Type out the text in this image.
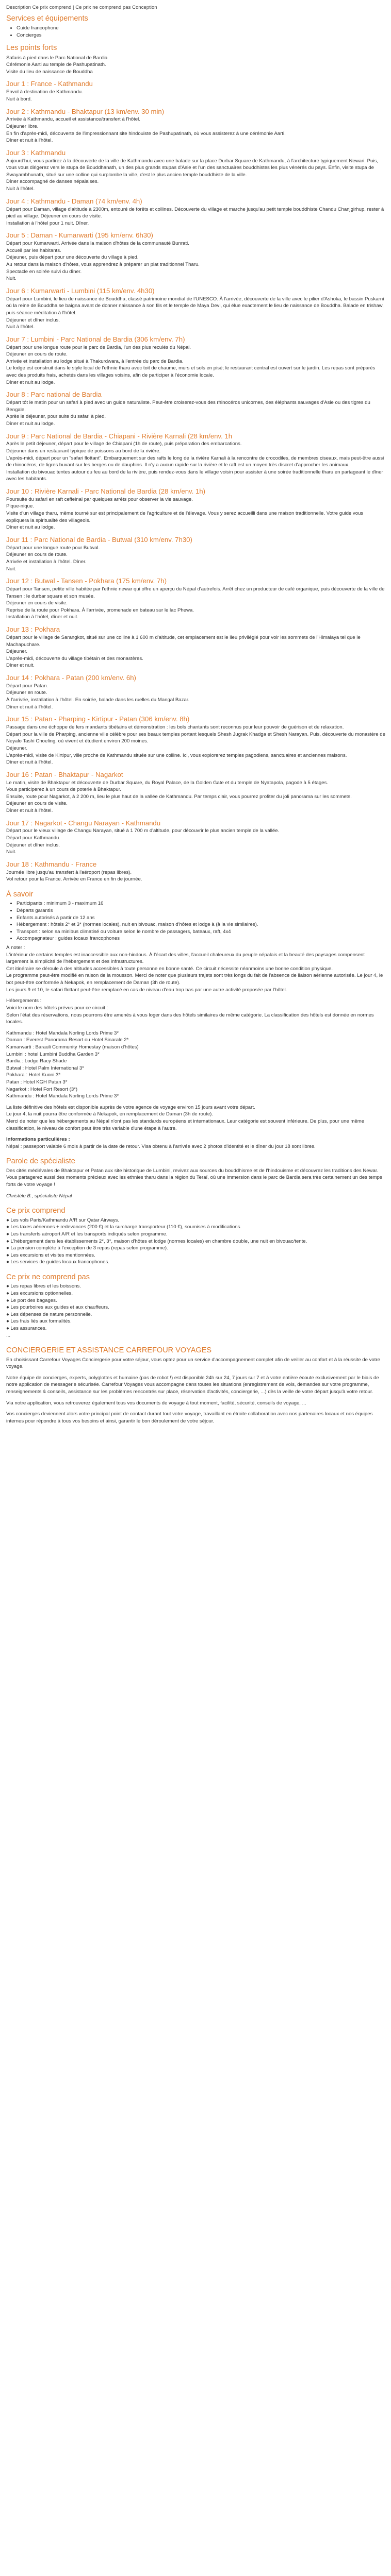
Description Ce prix comprend | Ce prix ne comprend pas Conception
Services et équipements
• Guide francophone
• Concierges
Les points forts

Safaris à pied dans le Parc National de Bardia

Cérémonie Aarti au temple de Pashupatinath.

Visite du lieu de naissance de Bouddha

Jour 1 : France - Kathmandu

Envol à destination de Kathmandu.

Nuit à bord.

Jour 2 : Kathmandu - Bhaktapur (13 km/env. 30 min)

Arrivée à Kathmandu, accueil et assistance/transfert à l'hôtel.

Déjeuner libre.

En fin d'après-midi, découverte de l'impressionnant site hindouiste de Pashupatinath, où vous assisterez à une cérémonie Aarti.

Dîner et nuit à l'hôtel.

Jour 3 : Kathmandu

Aujourd'hui, vous partirez à la découverte de la ville de Kathmandu avec une balade sur la place Durbar Square de Kathmandu, à l'architecture typiquement Newari. Puis, vous vous dirigerez vers le stupa de Bouddhanath, un des plus grands stupas d'Asie et l'un des sanctuaires bouddhistes les plus vénérés du pays. Enfin, visite stupa de Swayambhunath, situé sur une colline qui surplombe la ville, c'est le plus ancien temple bouddhiste de la ville.

Dîner accompagné de danses népalaises.

Nuit à l'hôtel.

Jour 4 : Kathmandu - Daman (74 km/env. 4h)

Départ pour Daman, village d'altitude à 2300m, entouré de forêts et collines. Découverte du village et marche jusqu'au petit temple bouddhiste Chandu Chanjgirhup, rester à pied au village. Déjeuner en cours de visite.

Installation à l'hôtel pour 1 nuit. Dîner.

Jour 5 : Daman - Kumarwarti (195 km/env. 6h30)

Départ pour Kumarwarti. Arrivée dans la maison d'hôtes de la communauté Bunrati.

Accueil par les habitants.

Déjeuner, puis départ pour une découverte du village à pied.

Au retour dans la maison d'hôtes, vous apprendrez à préparer un plat traditionnel Tharu.

Spectacle en soirée suivi du dîner.

Nuit.

Jour 6 : Kumarwarti - Lumbini (115 km/env. 4h30)

Départ pour Lumbini, le lieu de naissance de Bouddha, classé patrimoine mondial de l'UNESCO. À l'arrivée, découverte de la ville avec le pilier d'Ashoka, le bassin Puskarni où la reine de Bouddha se baigna avant de donner naissance à son fils et le temple de Maya Devi, qui élue exactement le lieu de naissance de Bouddha. Balade en trishaw, puis séance méditation à l'hôtel.

Déjeuner et dîner inclus.

Nuit à l'hôtel.

Jour 7 : Lumbini - Parc National de Bardia (306 km/env. 7h)

Départ pour une longue route pour le parc de Bardia, l'un des plus reculés du Népal.

Déjeuner en cours de route.

Arrivée et installation au lodge situé à Thakurdwara, à l'entrée du parc de Bardia.

Le lodge est construit dans le style local de l'ethnie tharu avec toit de chaume, murs et sols en pisé; le restaurant central est ouvert sur le jardin. Les repas sont préparés avec des produits frais, achetés dans les villages voisins, afin de participer à l'économie locale.

Dîner et nuit au lodge.

Jour 8 : Parc national de Bardia

Départ tôt le matin pour un safari à pied avec un guide naturaliste. Peut-être croiserez-vous des rhinocéros unicornes, des éléphants sauvages d'Asie ou des tigres du Bengale.

Après le déjeuner, pour suite du safari à pied.

Dîner et nuit au lodge.

Jour 9 : Parc National de Bardia - Chiapani - Rivière Karnali (28 km/env. 1h

Après le petit déjeuner, départ pour le village de Chiapani (1h de route), puis préparation des embarcations.

Déjeuner dans un restaurant typique de poissons au bord de la rivière.

L'après-midi, départ pour un "safari flottant". Embarquement sur des rafts le long de la rivière Karnali à la rencontre de crocodiles, de membres ciseaux, mais peut-être aussi de rhinocéros, de tigres buvant sur les berges ou de dauphins. Il n'y a aucun rapide sur la rivière et le raft est un moyen très discret d'approcher les animaux.

Installation du bivouac tentes autour du feu au bord de la rivière, puis rendez-vous dans le village voisin pour assister à une soirée traditionnelle tharu en partageant le dîner avec les habitants.

Jour 10 : Rivière Karnali - Parc National de Bardia (28 km/env. 1h)

Poursuite du safari en raft ceffeinal par quelques arrêts pour observer la vie sauvage.

Pique-nique.

Visite d'un village tharu, même tourné sur est principalement de l'agriculture et de l'élevage. Vous y serez accueilli dans une maison traditionnelle. Votre guide vous expliquera la spiritualité des villageois.

Dîner et nuit au lodge.

Jour 11 : Parc National de Bardia - Butwal (310 km/env. 7h30)

Départ pour une longue route pour Butwal.

Déjeuner en cours de route.

Arrivée et installation à l'hôtel. Dîner.

Nuit.

Jour 12 : Butwal - Tansen - Pokhara (175 km/env. 7h)

Départ pour Tansen, petite ville habitée par l'ethnie newar qui offre un aperçu du Népal d'autrefois. Arrêt chez un producteur de café organique, puis découverte de la ville de Tansen : le durbar square et son musée.

Déjeuner en cours de visite.

Reprise de la route pour Pokhara. À l'arrivée, promenade en bateau sur le lac Phewa.

Installation à l'hôtel, dîner et nuit.

Jour 13 : Pokhara

Départ pour le village de Sarangkot, situé sur une colline à 1 600 m d'altitude, cet emplacement est le lieu privilégié pour voir les sommets de l'Himalaya tel que le Machapuchare.

Déjeuner.

L'après-midi, découverte du village tibétain et des monastères.

Dîner et nuit.

Jour 14 : Pokhara - Patan (200 km/env. 6h)

Départ pour Patan.

Déjeuner en route.

À l'arrivée, installation à l'hôtel. En soirée, balade dans les ruelles du Mangal Bazar.

Dîner et nuit à l'hôtel.

Jour 15 : Patan - Pharping - Kirtipur - Patan (306 km/env. 8h)

Passage dans une échoppe de fers mandants tibétains et démonstration : les bols chantants sont reconnus pour leur pouvoir de guérison et de relaxation.

Départ pour la ville de Pharping, ancienne ville célèbre pour ses beaux temples portant lesquels Shesh Jugrak Khadga et Shesh Narayan. Puis, découverte du monastère de Neyalo Tashi Choeling, où vivent et étudient environ 200 moines.

Déjeuner.

L'après-midi, visite de Kirtipur, ville proche de Kathmandu située sur une colline. Ici, vous explorerez temples pagodiens, sanctuaires et anciennes maisons.

Dîner et nuit à l'hôtel.

Jour 16 : Patan - Bhaktapur - Nagarkot

Le matin, visite de Bhaktapur et découverte de Durbar Square, du Royal Palace, de la Golden Gate et du temple de Nyatapola, pagode à 5 étages.

Vous participerez à un cours de poterie à Bhaktapur.

Ensuite, route pour Nagarkot, à 2 200 m, lieu le plus haut de la vallée de Kathmandu. Par temps clair, vous pourrez profiter du joli panorama sur les sommets.

Déjeuner en cours de visite.

Dîner et nuit à l'hôtel.

Jour 17 : Nagarkot - Changu Narayan - Kathmandu

Départ pour le vieux village de Changu Narayan, situé à 1 700 m d'altitude, pour découvrir le plus ancien temple de la vallée.

Départ pour Kathmandu.

Déjeuner et dîner inclus.

Nuit.

Jour 18 : Kathmandu - France

Journée libre jusqu'au transfert à l'aéroport (repas libres).

Vol retour pour la France. Arrivée en France en fin de journée.

À savoir
• Participants : minimum 3 - maximum 16
• Départs garantis
• Enfants autorisés à partir de 12 ans
• Hébergement : hôtels 2* et 3* (normes locales), nuit en bivouac, maison d'hôtes et lodge à (à la vie similaires).
• Transport : selon sa minibus climatisé ou voiture selon le nombre de passagers, bateaux, raft, 4x4
• Accompagnateur : guides locaux francophones

À noter :

L'intérieur de certains temples est inaccessible aux non-hindous. À l'écart des villes, l'accueil chaleureux du peuple népalais et la beauté des paysages compensent largement la simplicité de l'hébergement et des infrastructures.

Cet itinéraire se déroule à des altitudes accessibles à toute personne en bonne santé. Ce circuit nécessite néanmoins une bonne condition physique.

Le programme peut-être modifié en raison de la mousson. Merci de noter que plusieurs trajets sont très longs du fait de l'absence de liaison aérienne autorisée. Le jour 4, le bot peut-être conformée à Nekapok, en remplacement de Daman (3h de route).

Les jours 9 et 10, le safari flottant peut-être remplacé en cas de niveau d'eau trop bas par une autre activité proposée par l'hôtel.

Hébergements :

Voici le nom des hôtels prévus pour ce circuit :

Selon l'état des réservations, nous pourrons être amenés à vous loger dans des hôtels similaires de même catégorie. La classification des hôtels est donnée en normes locales.

Kathmandu : Hotel Mandala Norling Lords Prime 3*

Daman : Everest Panorama Resort ou Hotel Sinarale 2*

Kumarwarti : Barauli Community Homestay (maison d'hôtes)

Lumbini : hotel Lumbini Buddha Garden 3*

Bardia : Lodge Racy Shade

Butwal : Hotel Palm International 3*

Pokhara : Hotel Kuoni 3*

Patan : Hotel KGH Patan 3*

Nagarkot : Hotel Fort Resort (3*)

Kathmandu : Hotel Mandala Norling Lords Prime 3*

La liste définitive des hôtels est disponible auprès de votre agence de voyage environ 15 jours avant votre départ.

Le jour 4, la nuit pourra être conformée à Nekapok, en remplacement de Daman (3h de route).

Merci de noter que les hébergements au Népal n'ont pas les standards européens et internationaux. Leur catégorie est souvent inférieure. De plus, pour une même classification, le niveau de confort peut être très variable d'une étape à l'autre.

Informations particulières :

Népal : passeport valable 6 mois à partir de la date de retour. Visa obtenu à l'arrivée avec 2 photos d'identité et le dîner du jour 18 sont libres.

Parole de spécialiste

Des cités médiévales de Bhaktapur et Patan aux site historique de Lumbini, revivez aux sources du bouddhisme et de l'hindouisme et découvrez les traditions des Newar. Vous partagerez aussi des moments précieux avec les ethnies tharu dans la région du Teraï, où une immersion dans le parc de Bardia sera très certainement un des temps forts de votre voyage !

Christèle B., spécialiste Népal

Ce prix comprend

● Les vols Paris/Kathmandu A/R sur Qatar Airways.

● Les taxes aériennes + redevances (200 €) et la surcharge transporteur (110 €), soumises à modifications.

● Les transferts aéroport A/R et les transports indiqués selon programme.

● L'hébergement dans les établissements 2*, 3*, maison d'hôtes et lodge (normes locales) en chambre double, une nuit en bivouac/tente.

● La pension complète à l'exception de 3 repas (repas selon programme).

● Les excursions et visites mentionnées.

● Les services de guides locaux francophones.

Ce prix ne comprend pas

● Les repas libres et les boissons.

● Les excursions optionnelles.

● Le port des bagages.

● Les pourboires aux guides et aux chauffeurs.

● Les dépenses de nature personnelle.

● Les frais liés aux formalités.

● Les assurances.

...

CONCIERGERIE ET ASSISTANCE CARREFOUR VOYAGES

En choisissant Carrefour Voyages Conciergerie pour votre séjour, vous optez pour un service d'accompagnement complet afin de veiller au confort et à la réussite de votre voyage.

Notre équipe de concierges, experts, polyglottes et humaine (pas de robot !) est disponible 24h sur 24, 7 jours sur 7 et à votre entière écoute exclusivement par le biais de notre application de messagerie sécurisée. Carrefour Voyages vous accompagne dans toutes les situations (enregistrement de vols, demandes sur votre programme, renseignements & conseils, assistance sur les problèmes rencontrés sur place, réservation d'activités, conciergerie, ...) dès la veille de votre départ jusqu'à votre retour.

Via notre application, vous retrouverez également tous vos documents de voyage à tout moment, facilité, sécurité, conseils de voyage, ...

Vos concierges deviennent alors votre principal point de contact durant tout votre voyage, travaillant en étroite collaboration avec nos partenaires locaux et nos équipes internes pour répondre à tous vos besoins et ainsi, garantir le bon déroulement de votre séjour.
